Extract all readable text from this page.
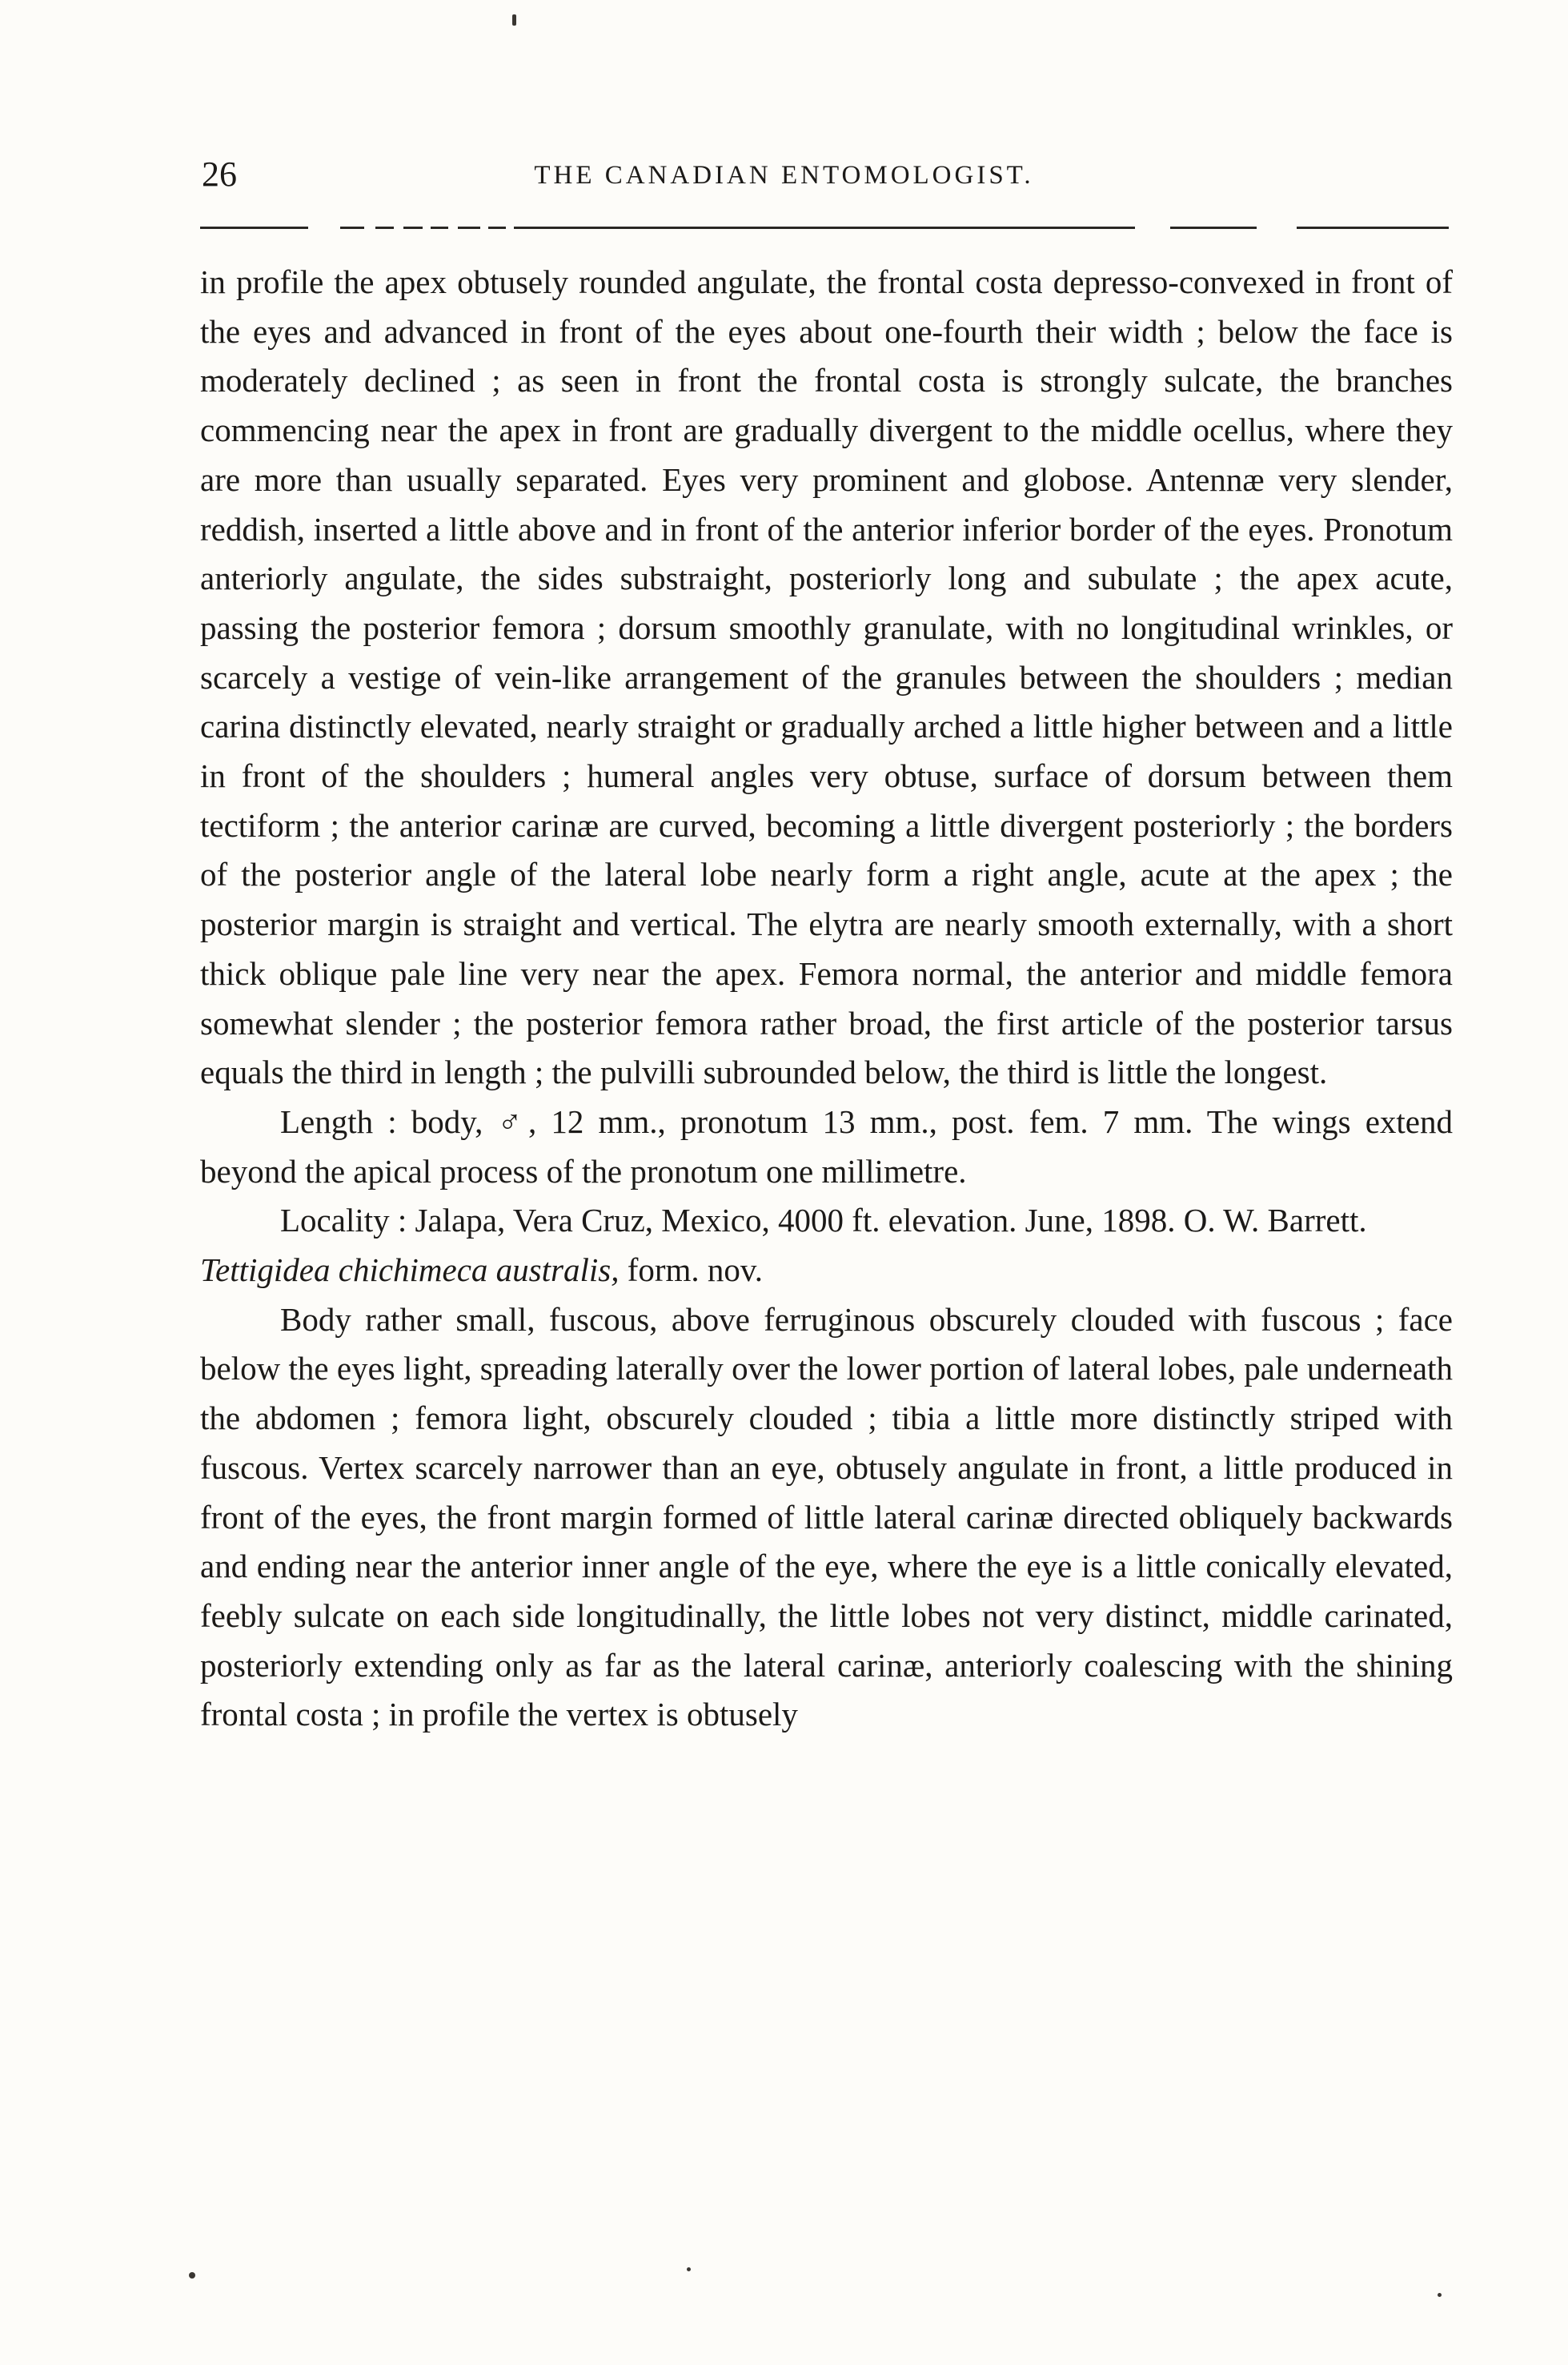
26	THE CANADIAN ENTOMOLOGIST.

in profile the apex obtusely rounded angulate, the frontal costa depresso-convexed in front of the eyes and advanced in front of the eyes about one-fourth their width ; below the face is moderately declined ; as seen in front the frontal costa is strongly sulcate, the branches commencing near the apex in front are gradually divergent to the middle ocellus, where they are more than usually separated. Eyes very prominent and globose. Antennæ very slender, reddish, inserted a little above and in front of the anterior inferior border of the eyes. Pronotum anteriorly angulate, the sides substraight, posteriorly long and subulate ; the apex acute, passing the posterior femora ; dorsum smoothly granulate, with no longitudinal wrinkles, or scarcely a vestige of vein-like arrangement of the granules between the shoulders ; median carina distinctly elevated, nearly straight or gradually arched a little higher between and a little in front of the shoulders ; humeral angles very obtuse, surface of dorsum between them tectiform ; the anterior carinæ are curved, becoming a little divergent posteriorly ; the borders of the posterior angle of the lateral lobe nearly form a right angle, acute at the apex ; the posterior margin is straight and vertical. The elytra are nearly smooth externally, with a short thick oblique pale line very near the apex. Femora normal, the anterior and middle femora somewhat slender ; the posterior femora rather broad, the first article of the posterior tarsus equals the third in length ; the pulvilli subrounded below, the third is little the longest.

Length : body, ♂, 12 mm., pronotum 13 mm., post. fem. 7 mm. The wings extend beyond the apical process of the pronotum one millimetre.

Locality : Jalapa, Vera Cruz, Mexico, 4000 ft. elevation. June, 1898. O. W. Barrett.

Tettigidea chichimeca australis, form. nov.

Body rather small, fuscous, above ferruginous obscurely clouded with fuscous ; face below the eyes light, spreading laterally over the lower portion of lateral lobes, pale underneath the abdomen ; femora light, obscurely clouded ; tibia a little more distinctly striped with fuscous. Vertex scarcely narrower than an eye, obtusely angulate in front, a little produced in front of the eyes, the front margin formed of little lateral carinæ directed obliquely backwards and ending near the anterior inner angle of the eye, where the eye is a little conically elevated, feebly sulcate on each side longitudinally, the little lobes not very distinct, middle carinated, posteriorly extending only as far as the lateral carinæ, anteriorly coalescing with the shining frontal costa ; in profile the vertex is obtusely
